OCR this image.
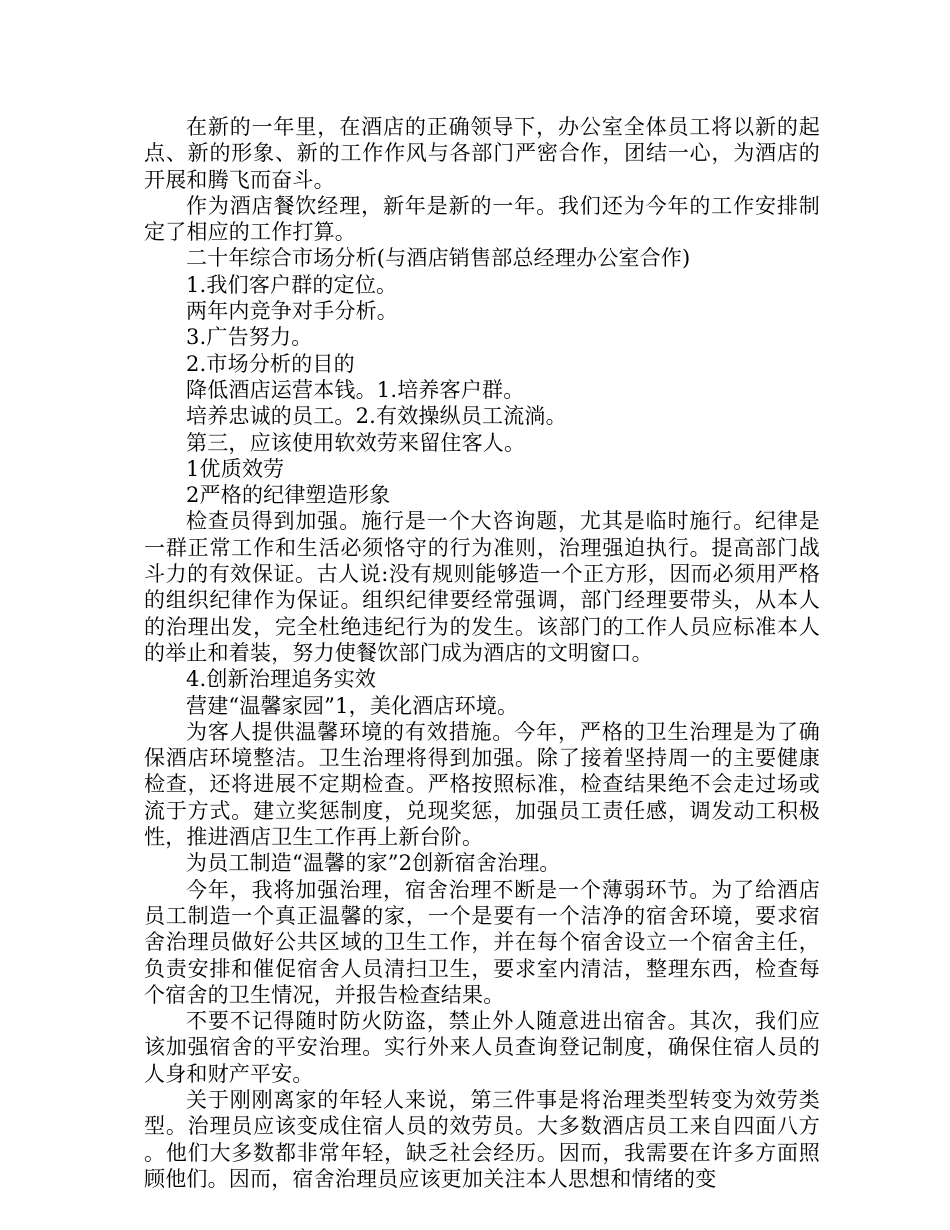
在新的一年里，在酒店的正确领导下，办公室全体员工将以新的起点、新的形象、新的工作作风与各部门严密合作，团结一心，为酒店的开展和腾飞而奋斗。

作为酒店餐饮经理，新年是新的一年。我们还为今年的工作安排制定了相应的工作打算。

二十年综合市场分析(与酒店销售部总经理办公室合作)

1.我们客户群的定位。

两年内竞争对手分析。

3.广告努力。

2.市场分析的目的

降低酒店运营本钱。1.培养客户群。

培养忠诚的员工。2.有效操纵员工流淌。

第三，应该使用软效劳来留住客人。

1优质效劳

2严格的纪律塑造形象

检查员得到加强。施行是一个大咨询题，尤其是临时施行。纪律是一群正常工作和生活必须恪守的行为准则，治理强迫执行。提高部门战斗力的有效保证。古人说:没有规则能够造一个正方形，因而必须用严格的组织纪律作为保证。组织纪律要经常强调，部门经理要带头，从本人的治理出发，完全杜绝违纪行为的发生。该部门的工作人员应标准本人的举止和着装，努力使餐饮部门成为酒店的文明窗口。

4.创新治理追务实效

营建“温馨家园”1，美化酒店环境。

为客人提供温馨环境的有效措施。今年，严格的卫生治理是为了确保酒店环境整洁。卫生治理将得到加强。除了接着坚持周一的主要健康检查，还将进展不定期检查。严格按照标准，检查结果绝不会走过场或流于方式。建立奖惩制度，兑现奖惩，加强员工责任感，调发动工积极性，推进酒店卫生工作再上新台阶。

为员工制造“温馨的家”2创新宿舍治理。

今年，我将加强治理，宿舍治理不断是一个薄弱环节。为了给酒店员工制造一个真正温馨的家，一个是要有一个洁净的宿舍环境，要求宿舍治理员做好公共区域的卫生工作，并在每个宿舍设立一个宿舍主任，负责安排和催促宿舍人员清扫卫生，要求室内清洁，整理东西，检查每个宿舍的卫生情况，并报告检查结果。

不要不记得随时防火防盗，禁止外人随意进出宿舍。其次，我们应该加强宿舍的平安治理。实行外来人员查询登记制度，确保住宿人员的人身和财产平安。

关于刚刚离家的年轻人来说，第三件事是将治理类型转变为效劳类型。治理员应该变成住宿人员的效劳员。大多数酒店员工来自四面八方。他们大多数都非常年轻，缺乏社会经历。因而，我需要在许多方面照顾他们。因而，宿舍治理员应该更加关注本人思想和情绪的变
